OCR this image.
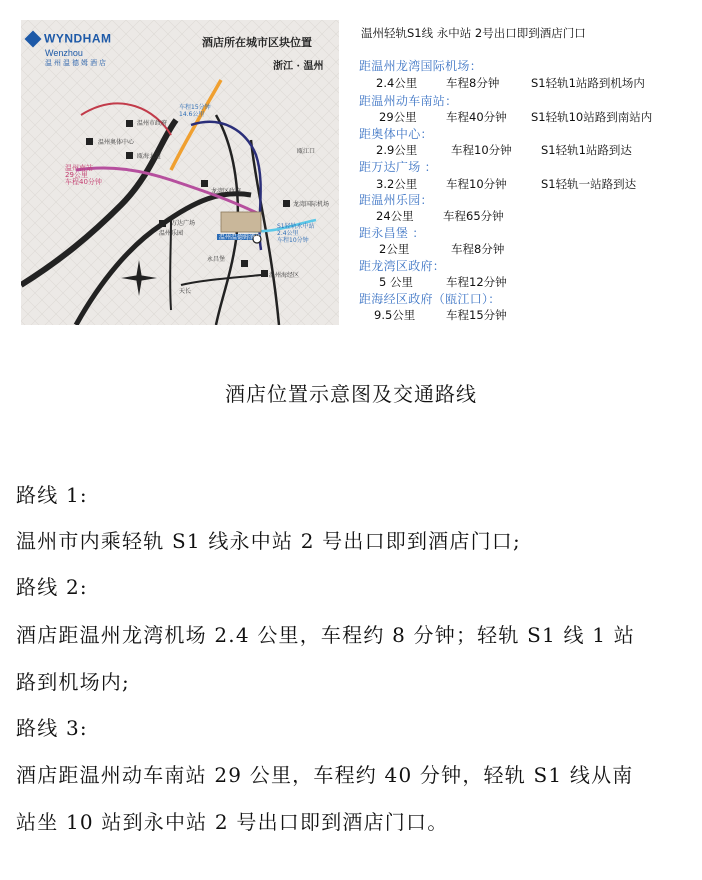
WYNDHAM
Wenzhou
温州温德姆酒店
酒店所在城市区块位置
浙江 · 温州
车程15分钟
14.6公里
温州南站
29公里
车程40分钟
温州市政府
温州奥体中心
瓯海大道
万达广场
温州乐园
龙湾区政府
温州温德姆酒店
龙湾国际机场
S1轻轨永中站
2.4公里
车程10分钟
永昌堡
温州海经区
瓯江口
天长
温州轻轨S1线 永中站 2号出口即到酒店门口
距温州龙湾国际机场：
2.4公里 车程8分钟	S1轻轨1站路到机场内
距温州动车南站：
29公里	车程40分钟 S1轻轨10站路到南站内
距奥体中心：
2.9公里	车程10分钟	S1轻轨1站路到达
距万达广场 ：
3.2公里 车程10分钟	S1轻轨一站路到达
距温州乐园：
24公里	车程65分钟
距永昌堡 ：
2公里	车程8分钟
距龙湾区政府：
5 公里	车程12分钟
距海经区政府（瓯江口）：
9.5公里	车程15分钟
酒店位置示意图及交通路线
路线 1:
温州市内乘轻轨 S1 线永中站 2 号出口即到酒店门口;
路线 2:
酒店距温州龙湾机场 2.4 公里，车程约 8 分钟；轻轨 S1 线 1 站
路到机场内;
路线 3:
酒店距温州动车南站 29 公里，车程约 40 分钟，轻轨 S1 线从南
站坐 10 站到永中站 2 号出口即到酒店门口。
